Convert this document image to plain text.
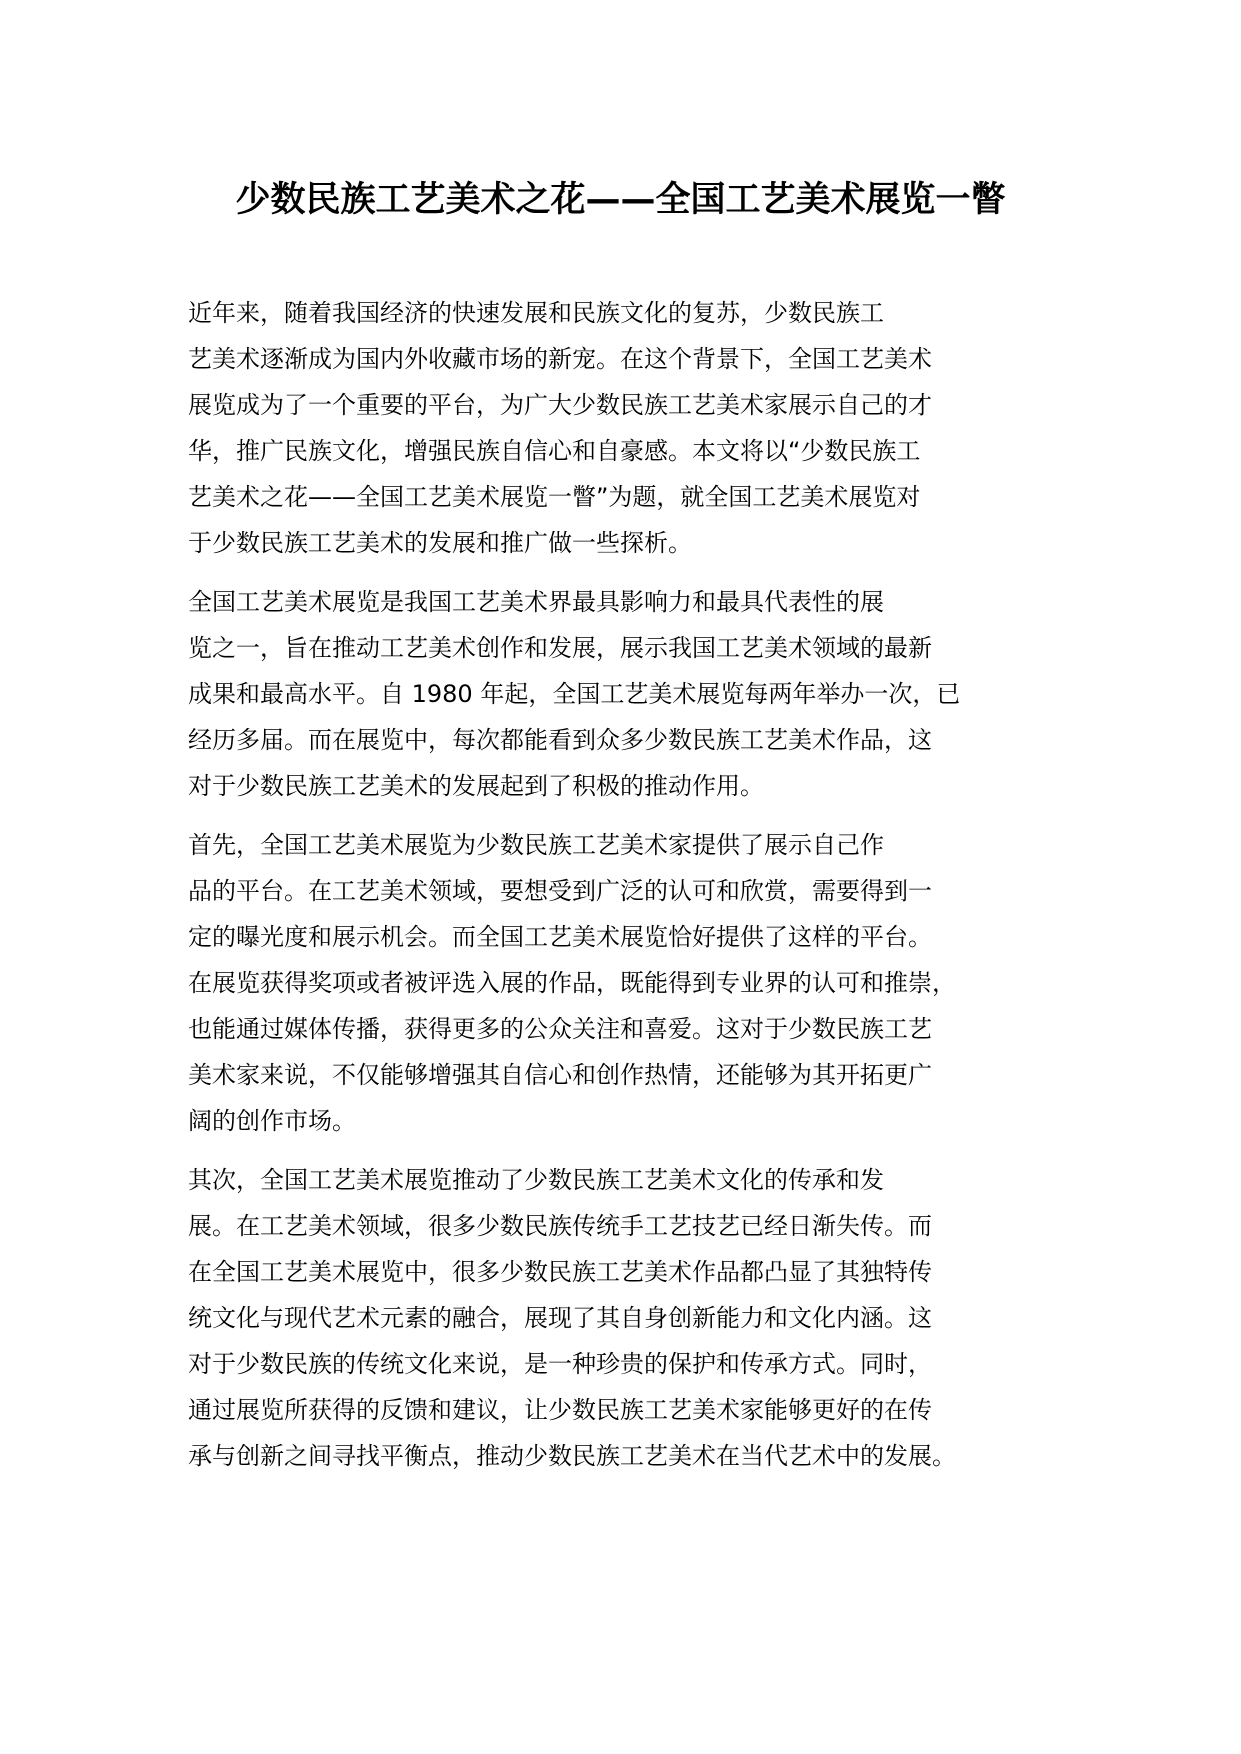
少数民族工艺美术之花——全国工艺美术展览一瞥

近年来，随着我国经济的快速发展和民族文化的复苏，少数民族工
艺美术逐渐成为国内外收藏市场的新宠。在这个背景下，全国工艺美术
展览成为了一个重要的平台，为广大少数民族工艺美术家展示自己的才
华，推广民族文化，增强民族自信心和自豪感。本文将以“少数民族工
艺美术之花——全国工艺美术展览一瞥”为题，就全国工艺美术展览对
于少数民族工艺美术的发展和推广做一些探析。

全国工艺美术展览是我国工艺美术界最具影响力和最具代表性的展
览之一，旨在推动工艺美术创作和发展，展示我国工艺美术领域的最新
成果和最高水平。自 1980 年起，全国工艺美术展览每两年举办一次，已
经历多届。而在展览中，每次都能看到众多少数民族工艺美术作品，这
对于少数民族工艺美术的发展起到了积极的推动作用。

首先，全国工艺美术展览为少数民族工艺美术家提供了展示自己作
品的平台。在工艺美术领域，要想受到广泛的认可和欣赏，需要得到一
定的曝光度和展示机会。而全国工艺美术展览恰好提供了这样的平台。
在展览获得奖项或者被评选入展的作品，既能得到专业界的认可和推崇，
也能通过媒体传播，获得更多的公众关注和喜爱。这对于少数民族工艺
美术家来说，不仅能够增强其自信心和创作热情，还能够为其开拓更广
阔的创作市场。

其次，全国工艺美术展览推动了少数民族工艺美术文化的传承和发
展。在工艺美术领域，很多少数民族传统手工艺技艺已经日渐失传。而
在全国工艺美术展览中，很多少数民族工艺美术作品都凸显了其独特传
统文化与现代艺术元素的融合，展现了其自身创新能力和文化内涵。这
对于少数民族的传统文化来说，是一种珍贵的保护和传承方式。同时，
通过展览所获得的反馈和建议，让少数民族工艺美术家能够更好的在传
承与创新之间寻找平衡点，推动少数民族工艺美术在当代艺术中的发展。
